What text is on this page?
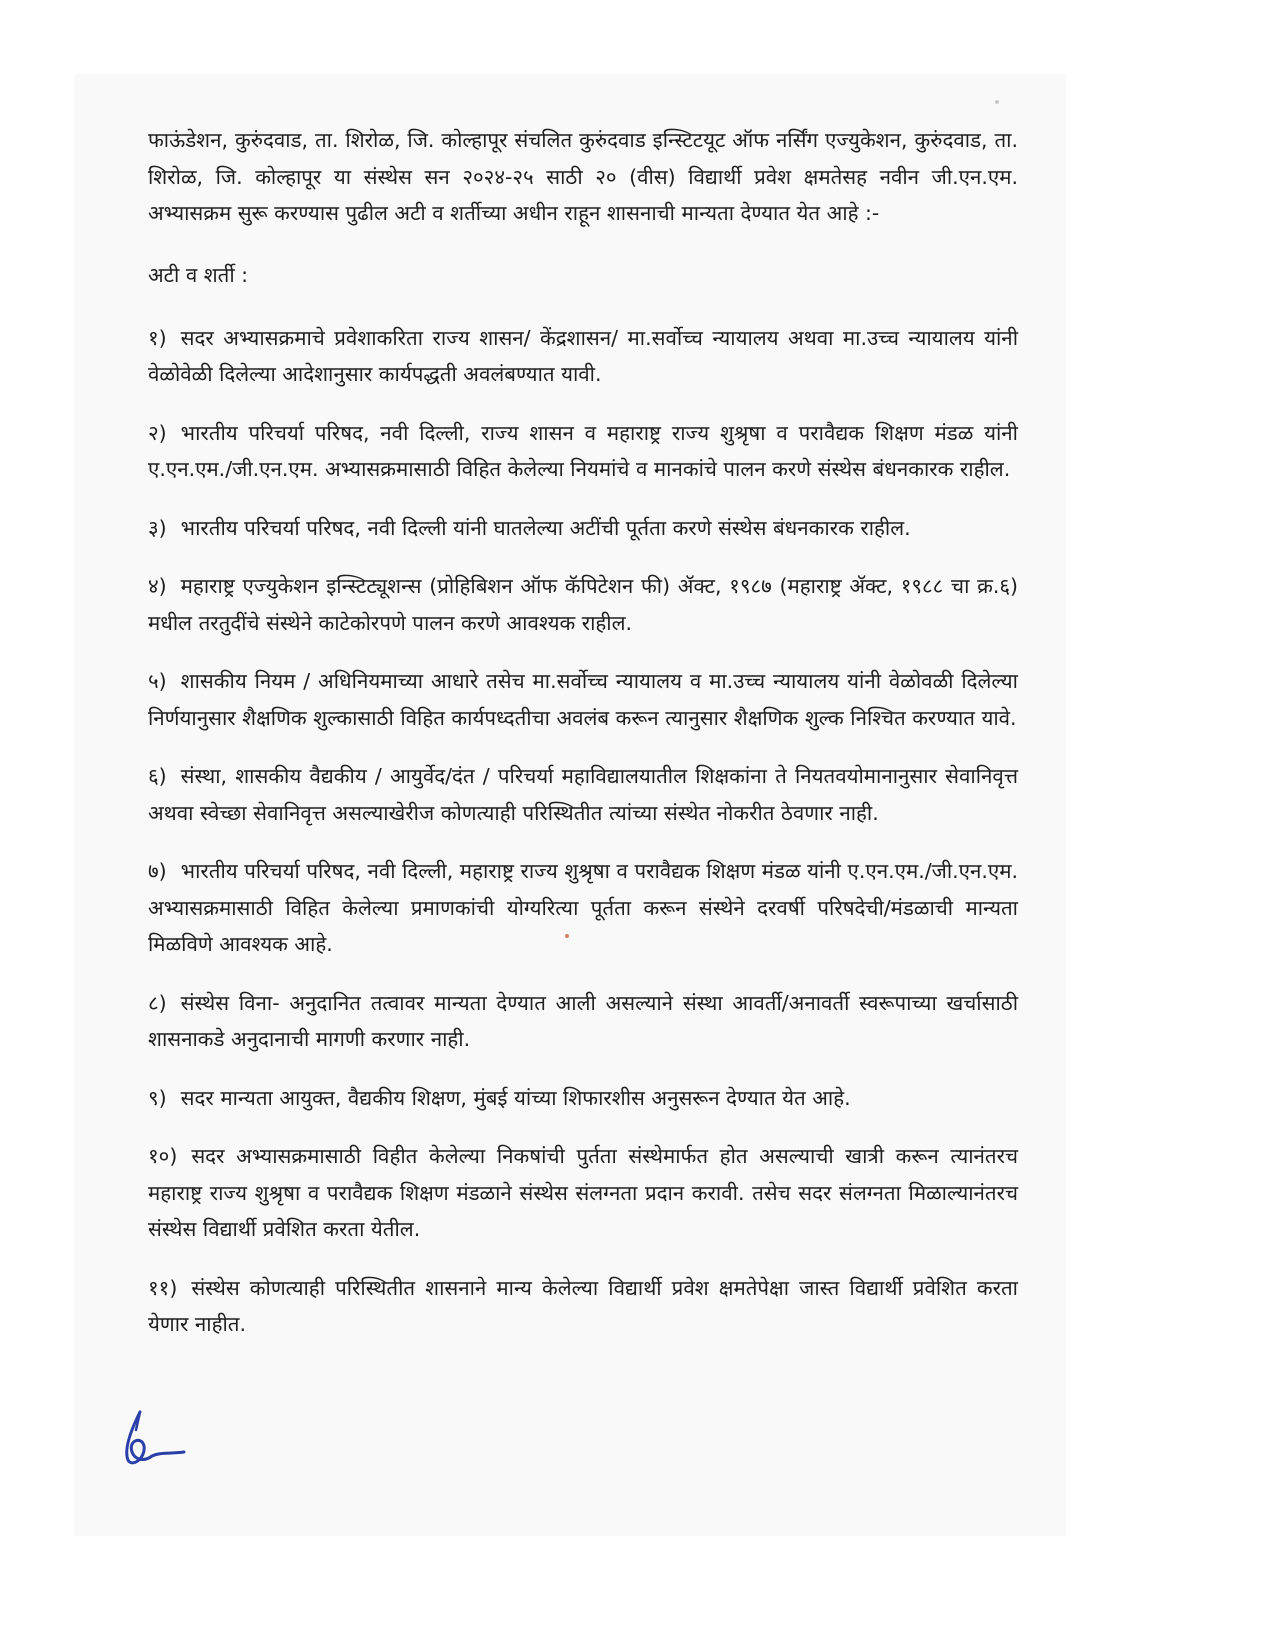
फाऊंडेशन, कुरुंदवाड, ता. शिरोळ, जि. कोल्हापूर संचलित कुरुंदवाड इन्स्टिटयूट ऑफ नर्सिंग एज्युकेशन, कुरुंदवाड, ता. शिरोळ, जि. कोल्हापूर या संस्थेस सन २०२४-२५ साठी २० (वीस) विद्यार्थी प्रवेश क्षमतेसह नवीन जी.एन.एम. अभ्यासक्रम सुरू करण्यास पुढील अटी व शर्तीच्या अधीन राहून शासनाची मान्यता देण्यात येत आहे :-

अटी व शर्ती :

१) सदर अभ्यासक्रमाचे प्रवेशाकरिता राज्य शासन/ केंद्रशासन/ मा.सर्वोच्च न्यायालय अथवा मा.उच्च न्यायालय यांनी वेळोवेळी दिलेल्या आदेशानुसार कार्यपद्धती अवलंबण्यात यावी.

२) भारतीय परिचर्या परिषद, नवी दिल्ली, राज्य शासन व महाराष्ट्र राज्य शुश्रृषा व परावैद्यक शिक्षण मंडळ यांनी ए.एन.एम./जी.एन.एम. अभ्यासक्रमासाठी विहित केलेल्या नियमांचे व मानकांचे पालन करणे संस्थेस बंधनकारक राहील.

३) भारतीय परिचर्या परिषद, नवी दिल्ली यांनी घातलेल्या अटींची पूर्तता करणे संस्थेस बंधनकारक राहील.

४) महाराष्ट्र एज्युकेशन इन्स्टिट्यूशन्स (प्रोहिबिशन ऑफ कॅपिटेशन फी) ॲक्ट, १९८७ (महाराष्ट्र ॲक्ट, १९८८ चा क्र.६) मधील तरतुदींचे संस्थेने काटेकोरपणे पालन करणे आवश्यक राहील.

५) शासकीय नियम / अधिनियमाच्या आधारे तसेच मा.सर्वोच्च न्यायालय व मा.उच्च न्यायालय यांनी वेळोवळी दिलेल्या निर्णयानुसार शैक्षणिक शुल्कासाठी विहित कार्यपध्दतीचा अवलंब करून त्यानुसार शैक्षणिक शुल्क निश्चित करण्यात यावे.

६) संस्था, शासकीय वैद्यकीय / आयुर्वेद/दंत / परिचर्या महाविद्यालयातील शिक्षकांना ते नियतवयोमानानुसार सेवानिवृत्त अथवा स्वेच्छा सेवानिवृत्त असल्याखेरीज कोणत्याही परिस्थितीत त्यांच्या संस्थेत नोकरीत ठेवणार नाही.

७) भारतीय परिचर्या परिषद, नवी दिल्ली, महाराष्ट्र राज्य शुश्रृषा व परावैद्यक शिक्षण मंडळ यांनी ए.एन.एम./जी.एन.एम. अभ्यासक्रमासाठी विहित केलेल्या प्रमाणकांची योग्यरित्या पूर्तता करून संस्थेने दरवर्षी परिषदेची/मंडळाची मान्यता मिळविणे आवश्यक आहे.

८) संस्थेस विना- अनुदानित तत्वावर मान्यता देण्यात आली असल्याने संस्था आवर्ती/अनावर्ती स्वरूपाच्या खर्चासाठी शासनाकडे अनुदानाची मागणी करणार नाही.

९) सदर मान्यता आयुक्त, वैद्यकीय शिक्षण, मुंबई यांच्या शिफारशीस अनुसरून देण्यात येत आहे.

१०) सदर अभ्यासक्रमासाठी विहीत केलेल्या निकषांची पुर्तता संस्थेमार्फत होत असल्याची खात्री करून त्यानंतरच महाराष्ट्र राज्य शुश्रृषा व परावैद्यक शिक्षण मंडळाने संस्थेस संलग्नता प्रदान करावी. तसेच सदर संलग्नता मिळाल्यानंतरच संस्थेस विद्यार्थी प्रवेशित करता येतील.

११) संस्थेस कोणत्याही परिस्थितीत शासनाने मान्य केलेल्या विद्यार्थी प्रवेश क्षमतेपेक्षा जास्त विद्यार्थी प्रवेशित करता येणार नाहीत.
